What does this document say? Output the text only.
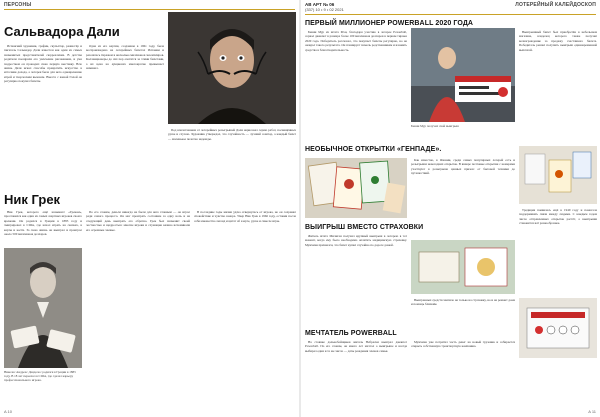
ПЕРСОНЫ
Сальвадора Дали

Испанский художник, график, скульптор, режиссёр и писатель Сальвадор Дали известен как один из самых знаменитых представителей сюрреализма. В детстве родители поощряли его увлечение рисованием, и уже подростком он проводил свою первую выставку. Всю жизнь Дали искал способы превратить искусство в источник дохода, а лотерея была для него одновременно игрой и творческим вызовом. Вместе с женой Галой он регулярно покупал билеты.

Одна из его картин, созданная в 1961 году, была воспроизведена на лотерейных билетах Испании и разошлась тиражом в несколько миллионов экземпляров. Коллекционеры до сих пор охотятся за этими билетами, а их цена на аукционах многократно превышает номинал.

Под впечатлением от лотерейных розыгрышей Дали нарисовал серию работ, посвящённых удаче и случаю. Художник утверждал, что случайность — лучший соавтор, а каждый билет — маленькое полотно надежды.

Ник Грек

Ник Грек, которого ещё называют «Греком», прославился как один из самых азартных игроков своего времени. Он родился в Греции в 1883 году и эмигрировал в США, где начал играть на скачках, в карты и кости. За свою жизнь он выиграл и проиграл около 500 миллионов долларов.

Николас Андреас Дандолос родился в Греции в 1883 году. В 18 лет переехал в США, где сделал карьеру профессионального игрока.

По его словам, деньги никогда не были для него главным — он играл ради самого процесса. Он мог проиграть состояние за одну ночь и на следующий день выиграть его обратно. Грек был знаменит своей честностью и щедростью: многие игроки и служащие казино вспоминали его огромные чаевые.

В последние годы жизни удача отвернулась от игрока, но он сохранял спокойствие и чувство юмора. Умер Ник Грек в 1966 году, оставив после себя множество легенд и цитат об азарте, удаче и смысле игры.

A 10
АВ АРТ № 06
(337) 10 • 9 • 02 2021
ЛОТЕРЕЙНЫЙ КАЛЕЙДОСКОП
ПЕРВЫЙ МИЛЛИОНЕР POWERBALL 2020 ГОДА

Бенни Мур из штата Мэн, благодаря участию в лотерее Powerball, сорвал джекпот в размере более 100 миллионов долларов в первом тираже 2020 года. Победитель рассказал, что покупает билеты регулярно, но не ожидал такого результата. Он планирует помочь родственникам и вложить средства в благотворительность.

Бенни Мур получил свой выигрыш

Выигрышный билет был приобретён в небольшом магазине, владелец которого также получил вознаграждение за продажу счастливого билета. Победитель решил получить выигрыш единовременной выплатой.

НЕОБЫЧНОЕ ОТКРЫТКИ «ГЕНПАДЕ».

Как известно, в Японии, среди самых популярных лотерей есть и розыгрыши новогодних открыток. В январе почтовые открытки с номерами участвуют в розыгрыше ценных призов: от бытовой техники до путешествий.

Традиция появилась ещё в 1949 году и помогала поддерживать связи между людьми. С каждым годом число отправленных открыток растёт, а выигрыши становятся всё разнообразнее.

ВЫИГРЫШ ВМЕСТО СТРАХОВКИ

Житель штата Мичиган получил крупный выигрыш в лотерею в тот момент, когда ему было необходимо оплатить медицинскую страховку. Мужчина признался, что билет купил случайно по дороге домой.

Выигранных средств хватило не только на страховку, но и на ремонт дома и помощь близким.

МЕЧТАТЕЛЬ POWERBALL

На стоянке дальнобойщиков житель Небраски выиграл джекпот Powerball. По его словам, он много лет мечтал о выигрыше и всегда выбирал одни и те же числа — даты рождения членов семьи.

Мужчина уже потратил часть денег на новый грузовик и собирается открыть собственную транспортную компанию.

A 11
